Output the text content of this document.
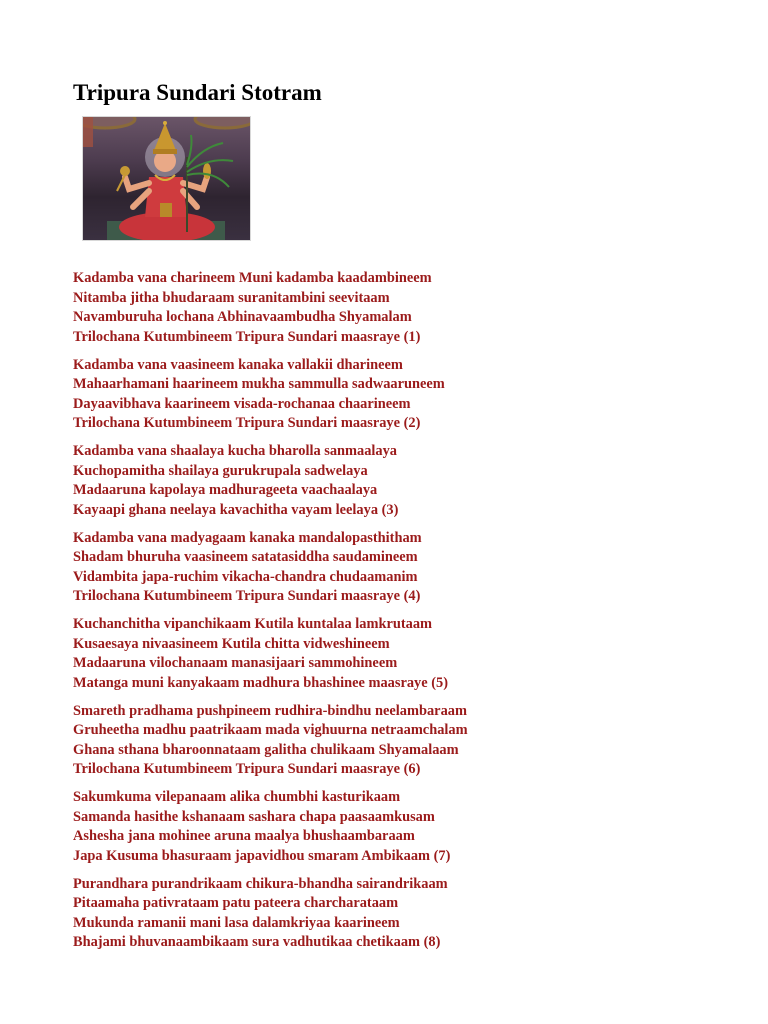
Tripura Sundari Stotram
Kadamba vana charineem Muni kadamba kaadambineem
Nitamba jitha bhudaraam suranitambini seevitaam
Navamburuha lochana Abhinavaambudha Shyamalam
Trilochana Kutumbineem Tripura Sundari maasraye (1)
Kadamba vana vaasineem kanaka vallakii dharineem
Mahaarhamani haarineem mukha sammulla sadwaaruneem
Dayaavibhava kaarineem visada-rochanaa chaarineem
Trilochana Kutumbineem Tripura Sundari maasraye (2)
Kadamba vana shaalaya kucha bharolla sanmaalaya
Kuchopamitha shailaya gurukrupala sadwelaya
Madaaruna kapolaya madhurageeta vaachaalaya
Kayaapi ghana neelaya kavachitha vayam leelaya (3)
Kadamba vana madyagaam kanaka mandalopasthitham
Shadam bhuruha vaasineem satatasiddha saudamineem
Vidambita japa-ruchim vikacha-chandra chudaamanim
Trilochana Kutumbineem Tripura Sundari maasraye (4)
Kuchanchitha vipanchikaam Kutila kuntalaa lamkrutaam
Kusaesaya nivaasineem Kutila chitta vidweshineem
Madaaruna vilochanaam manasijaari sammohineem
Matanga muni kanyakaam madhura bhashinee maasraye (5)
Smareth pradhama pushpineem rudhira-bindhu neelambaraam
Gruheetha madhu paatrikaam mada vighuurna netraamchalam
Ghana sthana bharoonnataam galitha chulikaam Shyamalaam
Trilochana Kutumbineem Tripura Sundari maasraye (6)
Sakumkuma vilepanaam alika chumbhi kasturikaam
Samanda hasithe kshanaam sashara chapa paasaamkusam
Ashesha jana mohinee aruna maalya bhushaambaraam
Japa Kusuma bhasuraam japavidhou smaram Ambikaam (7)
Purandhara purandrikaam chikura-bhandha sairandrikaam
Pitaamaha pativrataam patu pateera charcharataam
Mukunda ramanii mani lasa dalamkriyaa kaarineem
Bhajami bhuvanaambikaam sura vadhutikaa chetikaam (8)
